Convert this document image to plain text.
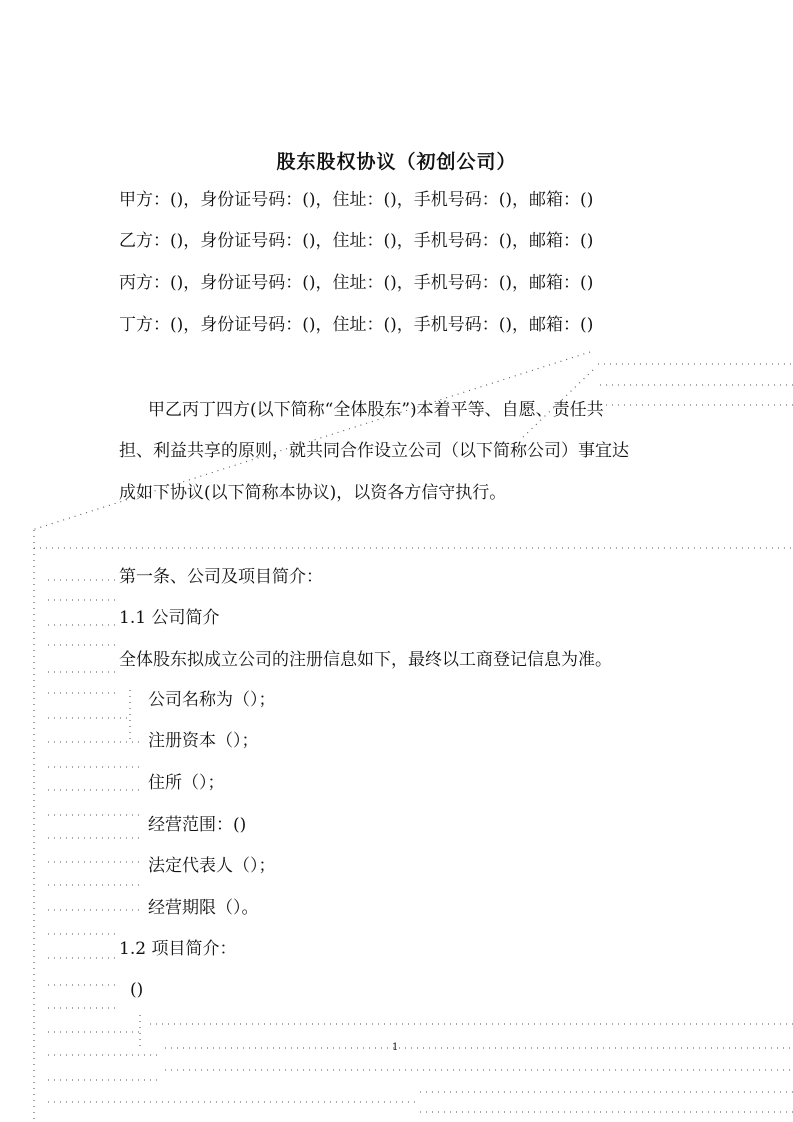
股东股权协议（初创公司）
甲方：()，身份证号码：()，住址：()，手机号码：()，邮箱：()
乙方：()，身份证号码：()，住址：()，手机号码：()，邮箱：()
丙方：()，身份证号码：()，住址：()，手机号码：()，邮箱：()
丁方：()，身份证号码：()，住址：()，手机号码：()，邮箱：()
甲乙丙丁四方(以下简称“全体股东”)本着平等、自愿、责任共
担、利益共享的原则，就共同合作设立公司（以下简称公司）事宜达
成如下协议(以下简称本协议)，以资各方信守执行。
第一条、公司及项目简介：
1.1 公司简介
全体股东拟成立公司的注册信息如下，最终以工商登记信息为准。
公司名称为（）；
注册资本（）；
住所（）；
经营范围：()
法定代表人（）；
经营期限（）。
1.2 项目简介：
()
1
